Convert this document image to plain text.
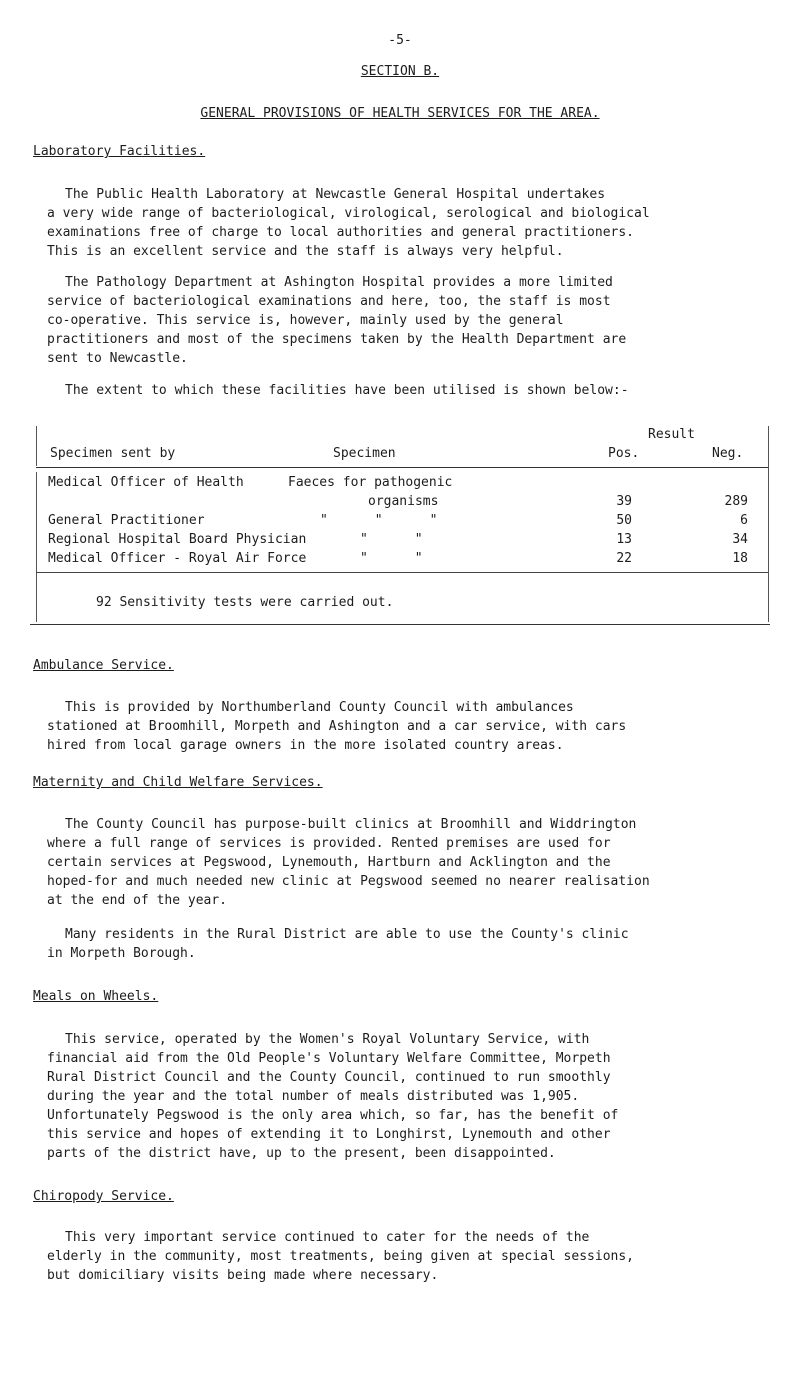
-5-
SECTION B.
GENERAL PROVISIONS OF HEALTH SERVICES FOR THE AREA.
Laboratory Facilities.
The Public Health Laboratory at Newcastle General Hospital undertakes
a very wide range of bacteriological, virological, serological and biological
examinations free of charge to local authorities and general practitioners.
This is an excellent service and the staff is always very helpful.
The Pathology Department at Ashington Hospital provides a more limited
service of bacteriological examinations and here, too, the staff is most
co-operative. This service is, however, mainly used by the general
practitioners and most of the specimens taken by the Health Department are
sent to Newcastle.
The extent to which these facilities have been utilised is shown below:-
Result
Specimen sent by	Specimen	Pos.	Neg.
Medical Officer of Health	Faeces for pathogenic
organisms	39	289
General Practitioner	"      "      "	50	6
Regional Hospital Board Physician	"      "	13	34
Medical Officer - Royal Air Force	"      "	22	18
92 Sensitivity tests were carried out.
Ambulance Service.
This is provided by Northumberland County Council with ambulances
stationed at Broomhill, Morpeth and Ashington and a car service, with cars
hired from local garage owners in the more isolated country areas.
Maternity and Child Welfare Services.
The County Council has purpose-built clinics at Broomhill and Widdrington
where a full range of services is provided. Rented premises are used for
certain services at Pegswood, Lynemouth, Hartburn and Acklington and the
hoped-for and much needed new clinic at Pegswood seemed no nearer realisation
at the end of the year.
Many residents in the Rural District are able to use the County's clinic
in Morpeth Borough.
Meals on Wheels.
This service, operated by the Women's Royal Voluntary Service, with
financial aid from the Old People's Voluntary Welfare Committee, Morpeth
Rural District Council and the County Council, continued to run smoothly
during the year and the total number of meals distributed was 1,905.
Unfortunately Pegswood is the only area which, so far, has the benefit of
this service and hopes of extending it to Longhirst, Lynemouth and other
parts of the district have, up to the present, been disappointed.
Chiropody Service.
This very important service continued to cater for the needs of the
elderly in the community, most treatments, being given at special sessions,
but domiciliary visits being made where necessary.
